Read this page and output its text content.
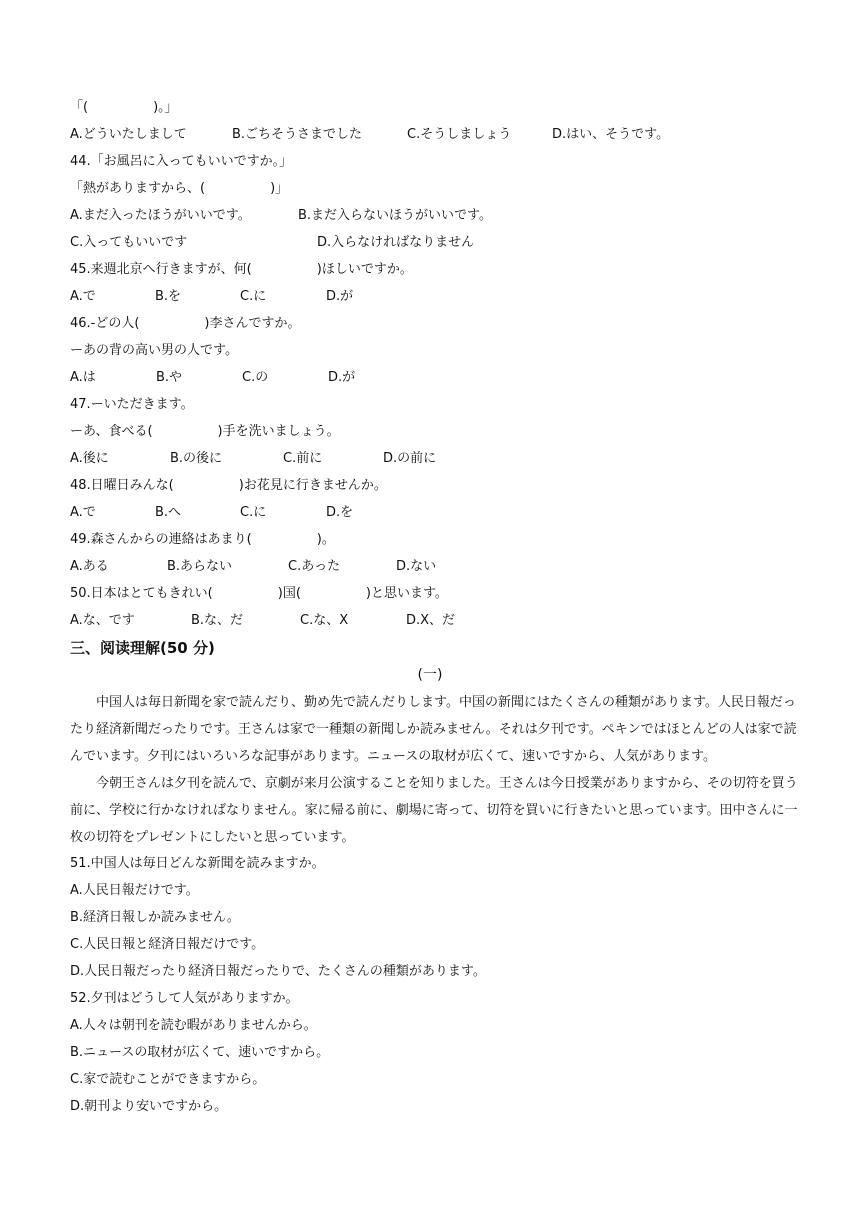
「(　　　　　)。」
A.どういたしまして	B.ごちそうさまでした	C.そうしましょう	D.はい、そうです。
44.「お風呂に入ってもいいですか。」
「熱がありますから、(　　　　　)」
A.まだ入ったほうがいいです。	B.まだ入らないほうがいいです。
C.入ってもいいです	D.入らなければなりません
45.来週北京へ行きますが、何(　　　　　)ほしいですか。
A.で	B.を	C.に	D.が
46.-どの人(　　　　　)李さんですか。
ーあの背の高い男の人です。
A.は	B.や	C.の	D.が
47.ーいただきます。
ーあ、食べる(　　　　　)手を洗いましょう。
A.後に	B.の後に	C.前に	D.の前に
48.日曜日みんな(　　　　　)お花見に行きませんか。
A.で	B.へ	C.に	D.を
49.森さんからの連絡はあまり(　　　　　)。
A.ある	B.あらない	C.あった	D.ない
50.日本はとてもきれい(　　　　　)国(　　　　　)と思います。
A.な、です	B.な、だ	C.な、X	D.X、だ
三、阅读理解(50 分)
(一)
中国人は毎日新聞を家で読んだり、勤め先で読んだりします。中国の新聞にはたくさんの種類があります。人民日報だったり経済新聞だったりです。王さんは家で一種類の新聞しか読みません。それは夕刊です。ペキンではほとんどの人は家で読んでいます。夕刊にはいろいろな記事があります。ニュースの取材が広くて、速いですから、人気があります。
今朝王さんは夕刊を読んで、京劇が来月公演することを知りました。王さんは今日授業がありますから、その切符を買う前に、学校に行かなければなりません。家に帰る前に、劇場に寄って、切符を買いに行きたいと思っています。田中さんに一枚の切符をプレゼントにしたいと思っています。
51.中国人は毎日どんな新聞を読みますか。
A.人民日報だけです。
B.経済日報しか読みません。
C.人民日報と経済日報だけです。
D.人民日報だったり経済日報だったりで、たくさんの種類があります。
52.夕刊はどうして人気がありますか。
A.人々は朝刊を読む暇がありませんから。
B.ニュースの取材が広くて、速いですから。
C.家で読むことができますから。
D.朝刊より安いですから。
